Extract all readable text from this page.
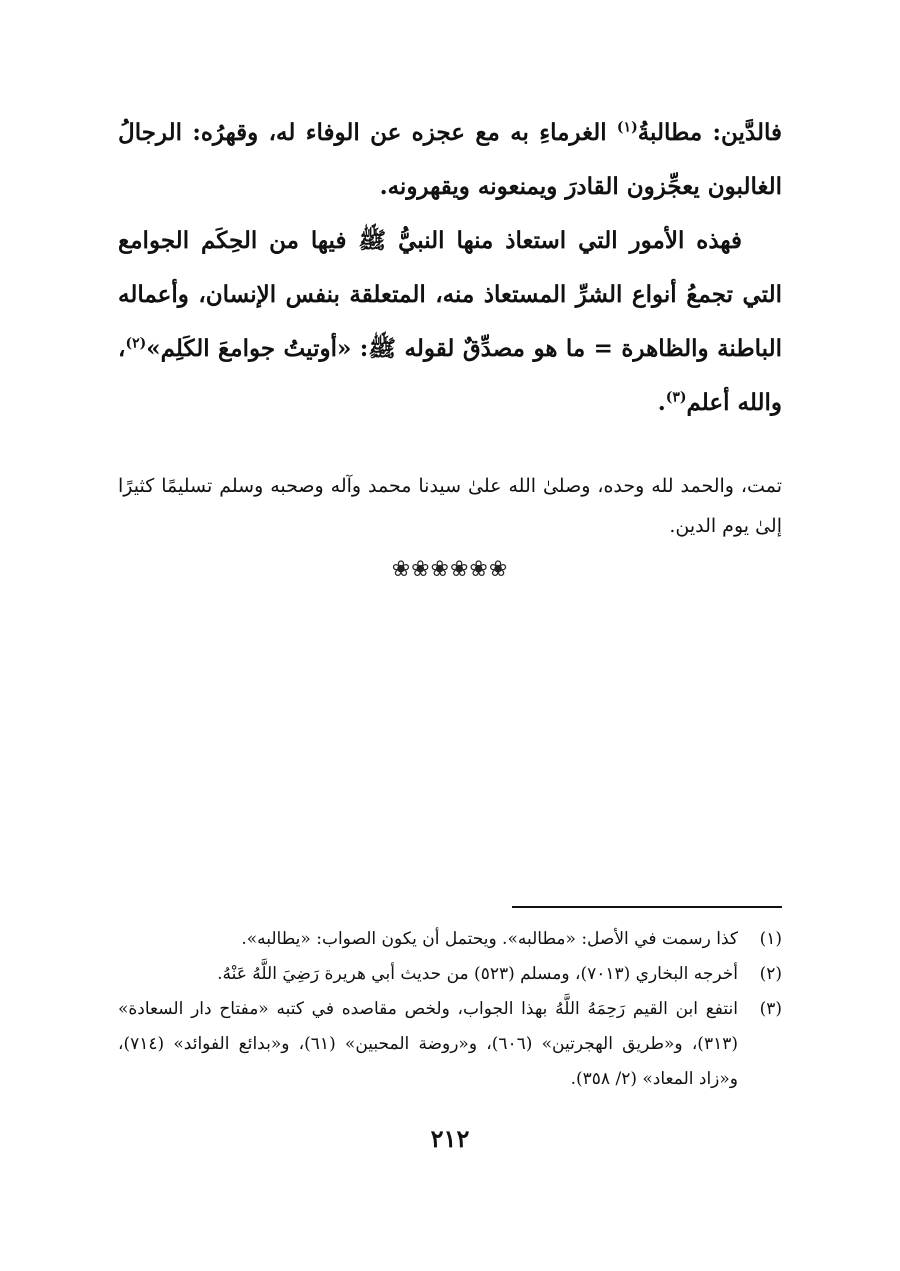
فالدَّين: مطالبةُ$^{(١)}$ الغرماءِ به مع عجزه عن الوفاء له، وقهرُه: الرجالُ الغالبون يعجِّزون القادرَ ويمنعونه ويقهرونه.

فهذه الأمور التي استعاذ منها النبيُّ ﷺ فيها من الحِكَم الجوامع التي تجمعُ أنواع الشرِّ المستعاذ منه، المتعلقة بنفس الإنسان، وأعماله الباطنة والظاهرة = ما هو مصدِّقٌ لقوله ﷺ: «أوتيتُ جوامعَ الكَلِم»$^{(٢)}$، والله أعلم$^{(٣)}$.

تمت، والحمد لله وحده، وصلىٰ الله علىٰ سيدنا محمد وآله وصحبه وسلم تسليمًا كثيرًا إلىٰ يوم الدين.

❀❀❀❀❀❀
(١)
كذا رسمت في الأصل: «مطالبه». ويحتمل أن يكون الصواب: «يطالبه».
(٢)
أخرجه البخاري (٧٠١٣)، ومسلم (٥٢٣) من حديث أبي هريرة رَضِيَ اللَّهُ عَنْهُ.
(٣)
انتفع ابن القيم رَحِمَهُ اللَّهُ بهذا الجواب، ولخص مقاصده في كتبه «مفتاح دار السعادة» (٣١٣)، و«طريق الهجرتين» (٦٠٦)، و«روضة المحبين» (٦١)، و«بدائع الفوائد» (٧١٤)، و«زاد المعاد» (٢/ ٣٥٨).
٢١٢
